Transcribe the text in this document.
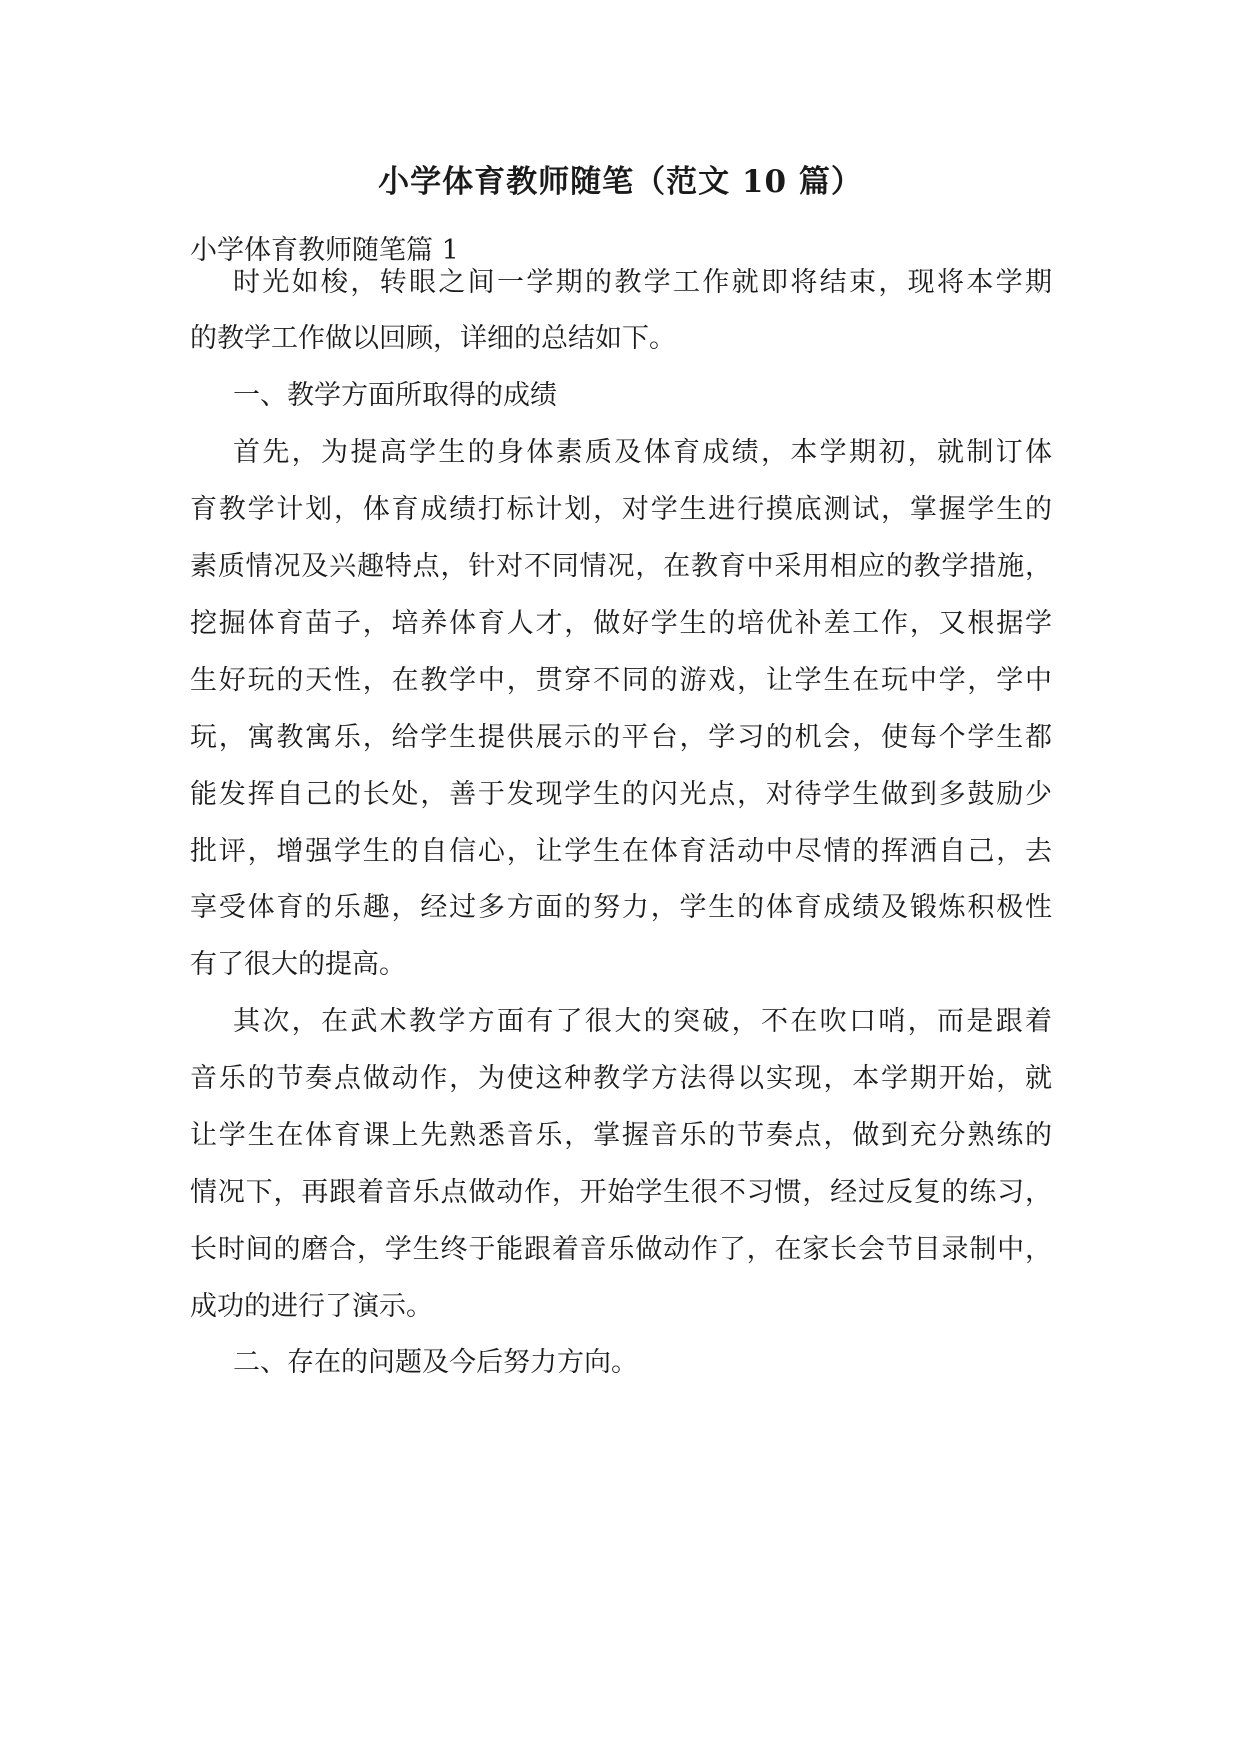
小学体育教师随笔（范文 10 篇）
小学体育教师随笔篇 1
时光如梭，转眼之间一学期的教学工作就即将结束，现将本学期
的教学工作做以回顾，详细的总结如下。
一、教学方面所取得的成绩
首先，为提高学生的身体素质及体育成绩，本学期初，就制订体
育教学计划，体育成绩打标计划，对学生进行摸底测试，掌握学生的
素质情况及兴趣特点，针对不同情况，在教育中采用相应的教学措施，
挖掘体育苗子，培养体育人才，做好学生的培优补差工作，又根据学
生好玩的天性，在教学中，贯穿不同的游戏，让学生在玩中学，学中
玩，寓教寓乐，给学生提供展示的平台，学习的机会，使每个学生都
能发挥自己的长处，善于发现学生的闪光点，对待学生做到多鼓励少
批评，增强学生的自信心，让学生在体育活动中尽情的挥洒自己，去
享受体育的乐趣，经过多方面的努力，学生的体育成绩及锻炼积极性
有了很大的提高。
其次，在武术教学方面有了很大的突破，不在吹口哨，而是跟着
音乐的节奏点做动作，为使这种教学方法得以实现，本学期开始，就
让学生在体育课上先熟悉音乐，掌握音乐的节奏点，做到充分熟练的
情况下，再跟着音乐点做动作，开始学生很不习惯，经过反复的练习，
长时间的磨合，学生终于能跟着音乐做动作了，在家长会节目录制中，
成功的进行了演示。
二、存在的问题及今后努力方向。
